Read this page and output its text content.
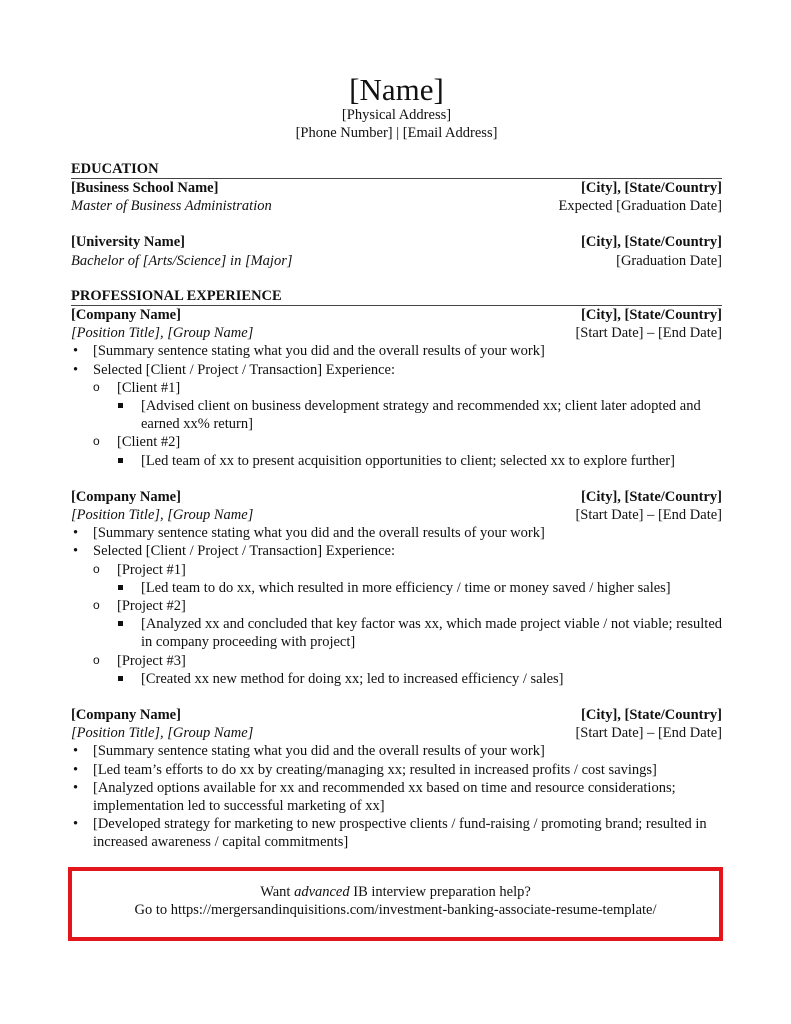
[Name]
[Physical Address]
[Phone Number] | [Email Address]
EDUCATION
[Business School Name]	[City], [State/Country]
Master of Business Administration	Expected [Graduation Date]
[University Name]	[City], [State/Country]
Bachelor of [Arts/Science] in [Major]	[Graduation Date]
PROFESSIONAL EXPERIENCE
[Company Name]	[City], [State/Country]
[Position Title], [Group Name]	[Start Date] – [End Date]
• [Summary sentence stating what you did and the overall results of your work]
• Selected [Client / Project / Transaction] Experience:
o [Client #1]
[Advised client on business development strategy and recommended xx; client later adopted and earned xx% return]
o [Client #2]
[Led team of xx to present acquisition opportunities to client; selected xx to explore further]
[Company Name]	[City], [State/Country]
[Position Title], [Group Name]	[Start Date] – [End Date]
• [Summary sentence stating what you did and the overall results of your work]
• Selected [Client / Project / Transaction] Experience:
o [Project #1]
[Led team to do xx, which resulted in more efficiency / time or money saved / higher sales]
o [Project #2]
[Analyzed xx and concluded that key factor was xx, which made project viable / not viable; resulted in company proceeding with project]
o [Project #3]
[Created xx new method for doing xx; led to increased efficiency / sales]
[Company Name]	[City], [State/Country]
[Position Title], [Group Name]	[Start Date] – [End Date]
• [Summary sentence stating what you did and the overall results of your work]
• [Led team’s efforts to do xx by creating/managing xx; resulted in increased profits / cost savings]
• [Analyzed options available for xx and recommended xx based on time and resource considerations; implementation led to successful marketing of xx]
• [Developed strategy for marketing to new prospective clients / fund-raising / promoting brand; resulted in increased awareness / capital commitments]
Want advanced IB interview preparation help?
Go to https://mergersandinquisitions.com/investment-banking-associate-resume-template/
